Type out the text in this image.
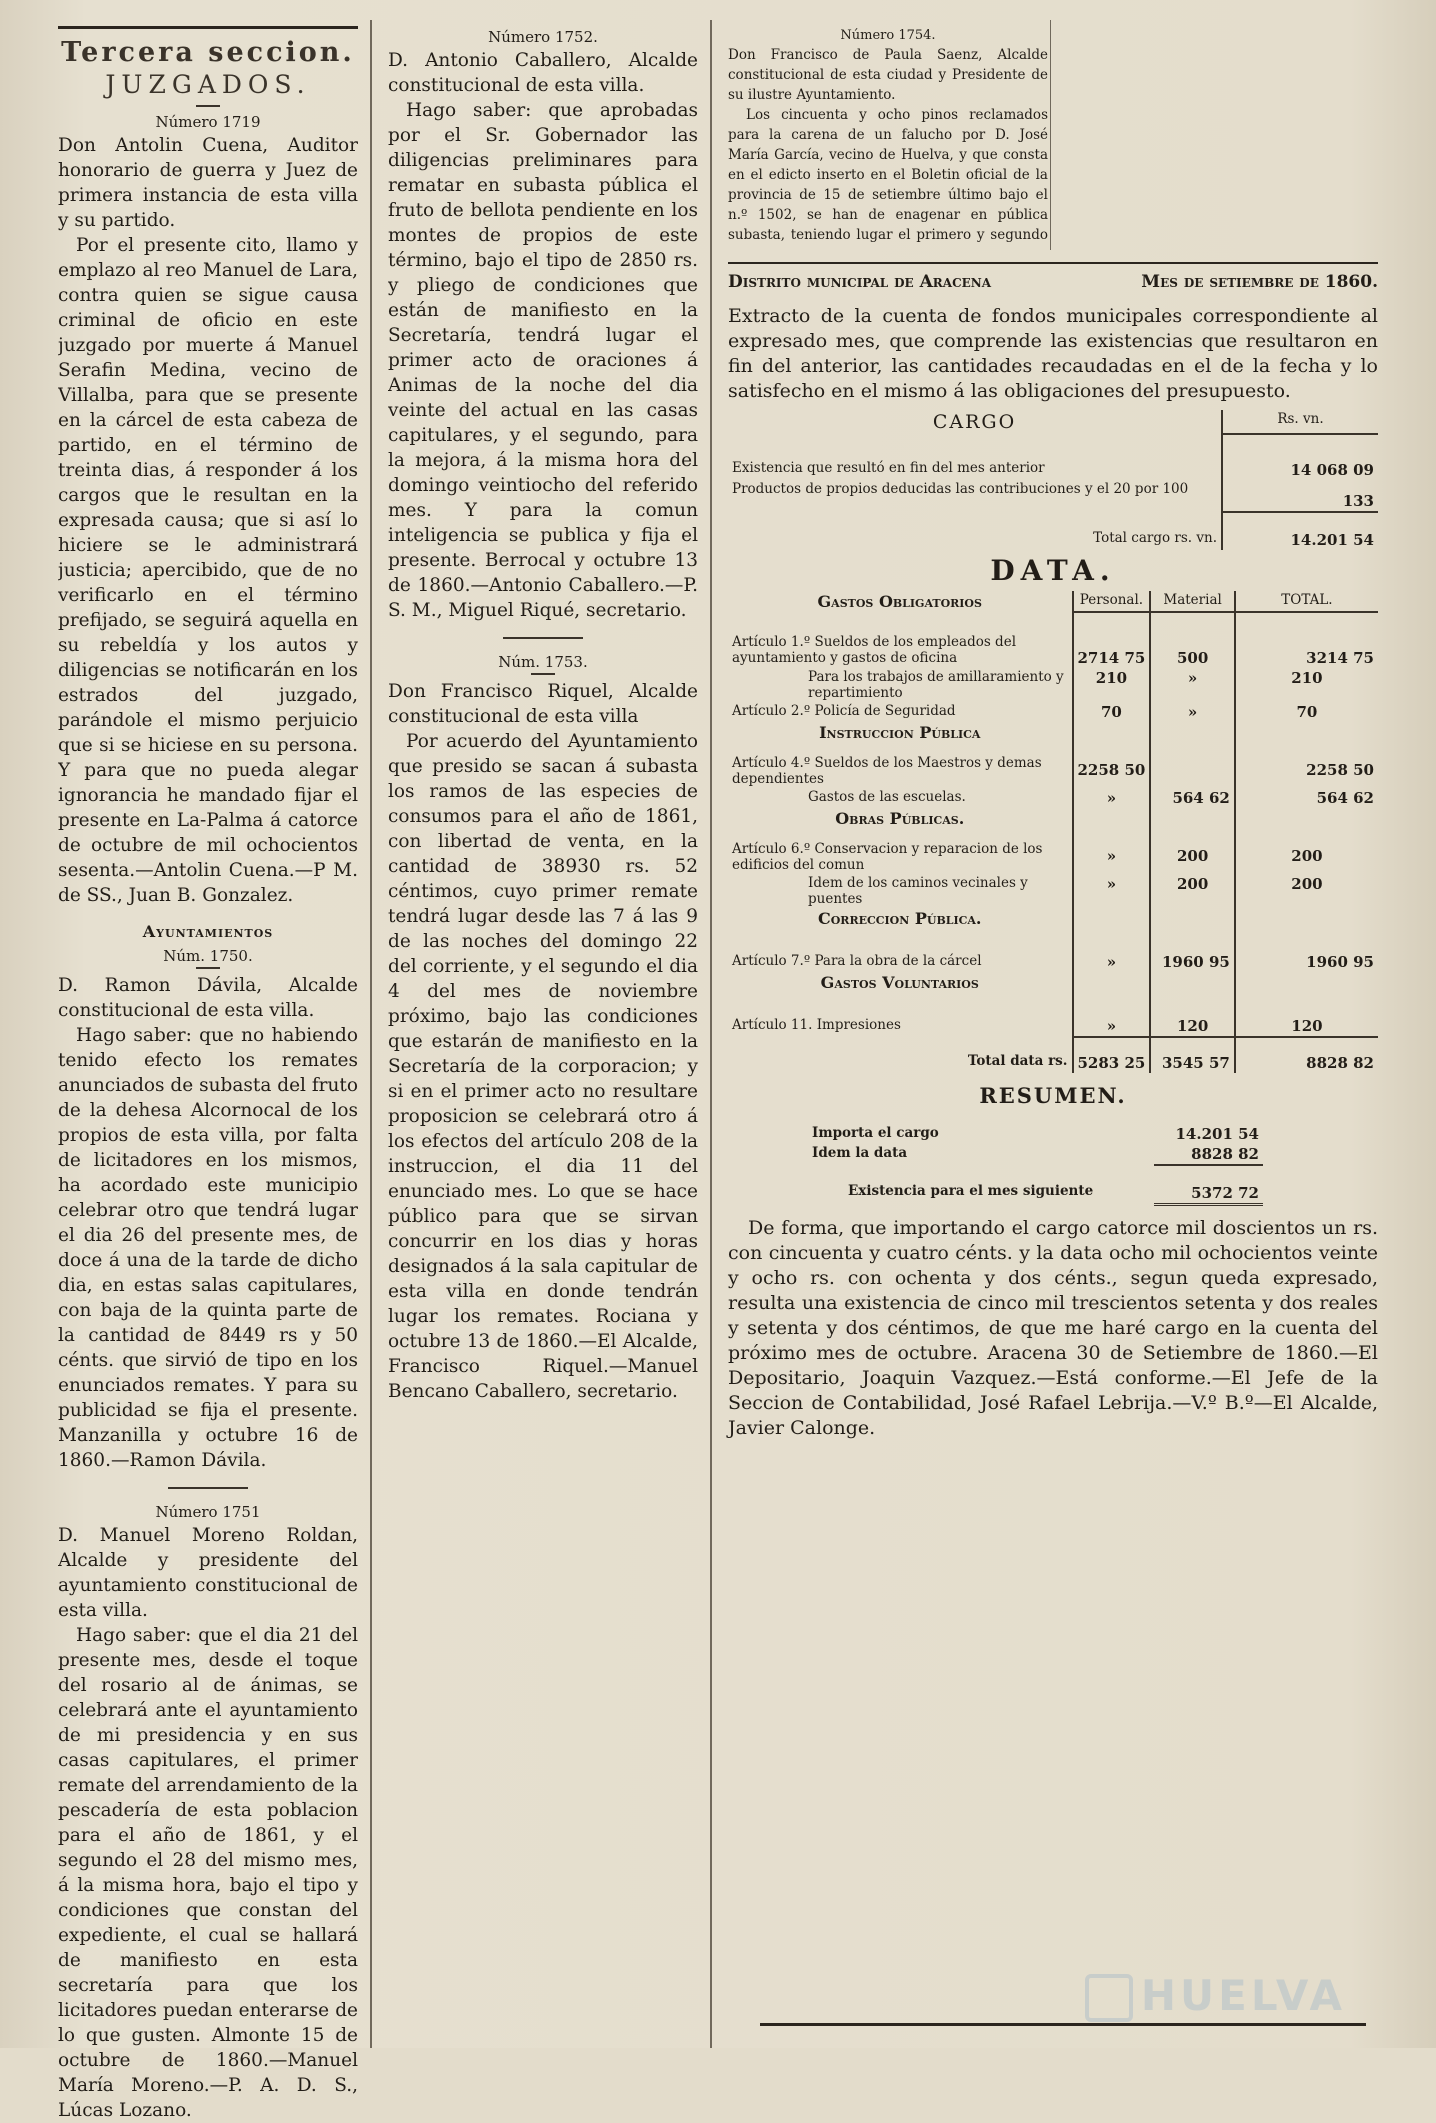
Tercera seccion.
JUZGADOS.
Número 1719

Don Antolin Cuena, Auditor honorario de guerra y Juez de primera instancia de esta villa y su partido.

Por el presente cito, llamo y emplazo al reo Manuel de Lara, contra quien se sigue causa criminal de oficio en este juzgado por muerte á Manuel Serafin Medina, vecino de Villalba, para que se presente en la cárcel de esta cabeza de partido, en el término de treinta dias, á responder á los cargos que le resultan en la expresada causa; que si así lo hiciere se le administrará justicia; apercibido, que de no verificarlo en el término prefijado, se seguirá aquella en su rebeldía y los autos y diligencias se notificarán en los estrados del juzgado, parándole el mismo perjuicio que si se hiciese en su persona. Y para que no pueda alegar ignorancia he mandado fijar el presente en La-Palma á catorce de octubre de mil ochocientos sesenta.—Antolin Cuena.—P M. de SS., Juan B. Gonzalez.

Ayuntamientos
Núm. 1750.

D. Ramon Dávila, Alcalde constitucional de esta villa.

Hago saber: que no habiendo tenido efecto los remates anunciados de subasta del fruto de la dehesa Alcornocal de los propios de esta villa, por falta de licitadores en los mismos, ha acordado este municipio celebrar otro que tendrá lugar el dia 26 del presente mes, de doce á una de la tarde de dicho dia, en estas salas capitulares, con baja de la quinta parte de la cantidad de 8449 rs y 50 cénts. que sirvió de tipo en los enunciados remates. Y para su publicidad se fija el presente. Manzanilla y octubre 16 de 1860.—Ramon Dávila.

Número 1751

D. Manuel Moreno Roldan, Alcalde y presidente del ayuntamiento constitucional de esta villa.

Hago saber: que el dia 21 del presente mes, desde el toque del rosario al de ánimas, se celebrará ante el ayuntamiento de mi presidencia y en sus casas capitulares, el primer remate del arrendamiento de la pescadería de esta poblacion para el año de 1861, y el segundo el 28 del mismo mes, á la misma hora, bajo el tipo y condiciones que constan del expediente, el cual se hallará de manifiesto en esta secretaría para que los licitadores puedan enterarse de lo que gusten. Almonte 15 de octubre de 1860.—Manuel María Moreno.—P. A. D. S., Lúcas Lozano.

Número 1752.

D. Antonio Caballero, Alcalde constitucional de esta villa.

Hago saber: que aprobadas por el Sr. Gobernador las diligencias preliminares para rematar en subasta pública el fruto de bellota pendiente en los montes de propios de este término, bajo el tipo de 2850 rs. y pliego de condiciones que están de manifiesto en la Secretaría, tendrá lugar el primer acto de oraciones á Animas de la noche del dia veinte del actual en las casas capitulares, y el segundo, para la mejora, á la misma hora del domingo veintiocho del referido mes. Y para la comun inteligencia se publica y fija el presente. Berrocal y octubre 13 de 1860.—Antonio Caballero.—P. S. M., Miguel Riqué, secretario.

Núm. 1753.

Don Francisco Riquel, Alcalde constitucional de esta villa

Por acuerdo del Ayuntamiento que presido se sacan á subasta los ramos de las especies de consumos para el año de 1861, con libertad de venta, en la cantidad de 38930 rs. 52 céntimos, cuyo primer remate tendrá lugar desde las 7 á las 9 de las noches del domingo 22 del corriente, y el segundo el dia 4 del mes de noviembre próximo, bajo las condiciones que estarán de manifiesto en la Secretaría de la corporacion; y si en el primer acto no resultare proposicion se celebrará otro á los efectos del artículo 208 de la instruccion, el dia 11 del enunciado mes. Lo que se hace público para que se sirvan concurrir en los dias y horas designados á la sala capitular de esta villa en donde tendrán lugar los remates. Rociana y octubre 13 de 1860.—El Alcalde, Francisco Riquel.—Manuel Bencano Caballero, secretario.

Número 1754.

Don Francisco de Paula Saenz, Alcalde constitucional de esta ciudad y Presidente de su ilustre Ayuntamiento.

Los cincuenta y ocho pinos reclamados para la carena de un falucho por D. José María García, vecino de Huelva, y que consta en el edicto inserto en el Boletin oficial de la provincia de 15 de setiembre último bajo el n.º 1502, se han de enagenar en pública subasta, teniendo lugar el primero y segundo

Distrito municipal de Aracena	Mes de setiembre de 1860.

Extracto de la cuenta de fondos municipales correspondiente al expresado mes, que comprende las existencias que resultaron en fin del anterior, las cantidades recaudadas en el de la fecha y lo satisfecho en el mismo á las obligaciones del presupuesto.

CARGO	Rs. vn.
Existencia que resultó en fin del mes anterior	14 068 09
Productos de propios deducidas las contribuciones y el 20 por 100	133
Total cargo rs. vn.	14.201 54
DATA.
Gastos Obligatorios	Personal.	Material	TOTAL.
Artículo 1.º Sueldos de los empleados del ayuntamiento y gastos de oficina	2714 75	500	3214 75
Para los trabajos de amillaramiento y repartimiento	210	»	210
Artículo 2.º Policía de Seguridad	70	»	70
Instruccion Pública			
Artículo 4.º Sueldos de los Maestros y demas dependientes	2258 50		2258 50
Gastos de las escuelas.	»	564 62	564 62
Obras Públicas.			
Artículo 6.º Conservacion y reparacion de los edificios del comun	»	200	200
Idem de los caminos vecinales y puentes	»	200	200
Correccion Pública.			
Artículo 7.º Para la obra de la cárcel	»	1960 95	1960 95
Gastos Voluntarios			
Artículo 11. Impresiones	»	120	120
Total data rs.	5283 25	3545 57	8828 82
RESUMEN.
Importa el cargo	14.201 54
Idem la data	8828 82
Existencia para el mes siguiente	5372 72

De forma, que importando el cargo catorce mil doscientos un rs. con cincuenta y cuatro cénts. y la data ocho mil ochocientos veinte y ocho rs. con ochenta y dos cénts., segun queda expresado, resulta una existencia de cinco mil trescientos setenta y dos reales y setenta y dos céntimos, de que me haré cargo en la cuenta del próximo mes de octubre. Aracena 30 de Setiembre de 1860.—El Depositario, Joaquin Vazquez.—Está conforme.—El Jefe de la Seccion de Contabilidad, José Rafael Lebrija.—V.º B.º—El Alcalde, Javier Calonge.

HUELVA
